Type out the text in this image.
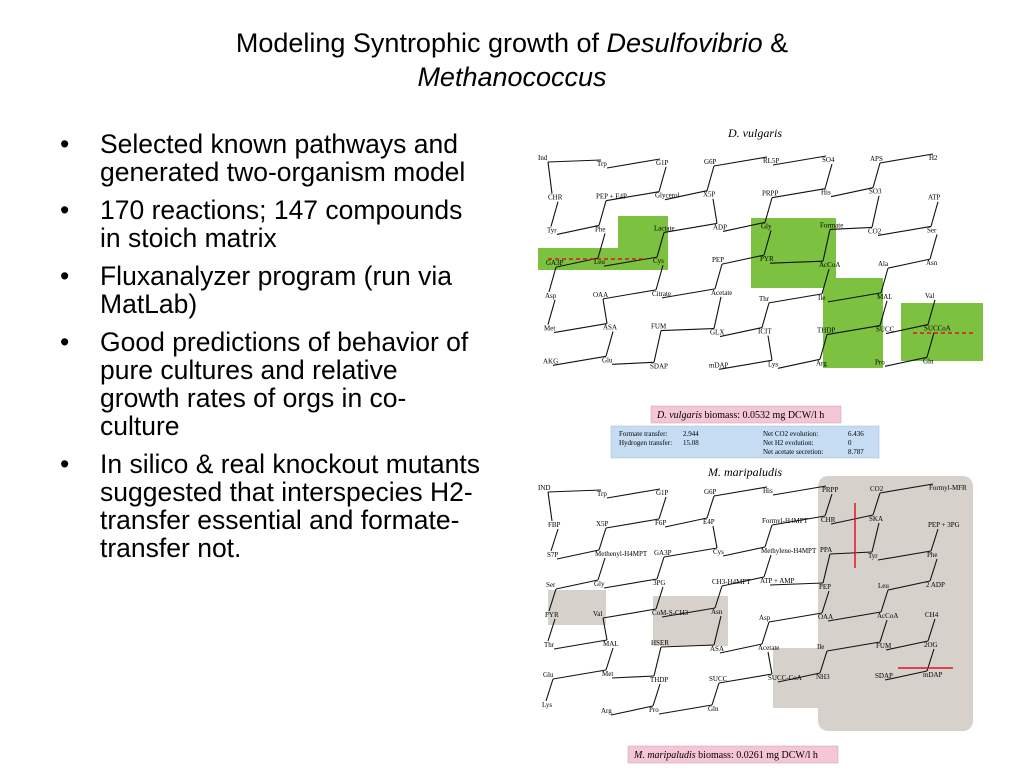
Modeling Syntrophic growth of Desulfovibrio &
Methanococcus
• Selected known pathways and generated two-organism model
• 170 reactions; 147 compounds in stoich matrix
• Fluxanalyzer program (run via MatLab)
• Good predictions of behavior of pure cultures and relative growth rates of orgs in co-culture
• In silico & real knockout mutants suggested that interspecies H2-transfer essential and formate-transfer not.
Ind
Trp	G1P	G6P	RL5P	SO4	APS	H2
CHR	PEP + E4P	Glycerol	X5P	PRPP	His	SO3
ATP
Tyr	Phe	Lactate	ADP	Gly	Formate
CO2	Ser
GA3P	Leu	Cys	PEP	PYR
AcCoA	Ala	Asn
Asp	OAA	Citrate	Acetate
Thr	Ile	MAL	Val
Met	ASA	FUM
GLX	ICIT	THDP	SUCC	SUCCoA
AKG	Glu
SDAP	mDAP	Lys	Arg	Pro	Gln
IND
Trp	G1P	G6P	His	PRPP	CO2	Formyl-MFR
FBP	X5P	F6P	E4P	Formyl-H4MPT CHR	SKA
PEP + 3PG
S7P	Methenyl-H4MPT GA3P	Cys	Methylene-H4MPT PPA
Tyr	Phe
Ser	Gly	3PG	CH3-H4MPT ATP + AMP
PEP	Leu	2 ADP
PYR	Val	CoM-S-CH3	Asn
Asp	OAA	AcCoA	CH4
Thr	MAL	HSER
ASA	Acetate	Ile	FUM	2OG
Glu	Met
THDP	SUCC	SUCC-CoA NH3	SDAP	mDAP
Lys
Arg	Pro	Gln
D. vulgaris
D. vulgaris biomass: 0.0532 mg DCW/l h
Formate transfer: 2.944	Net CO2 evolution:	6.436
Hydrogen transfer: 15.08	Net H2 evolution:	0
Net acetate secretion:	8.787
M. maripaludis
M. maripaludis biomass: 0.0261 mg DCW/l h
